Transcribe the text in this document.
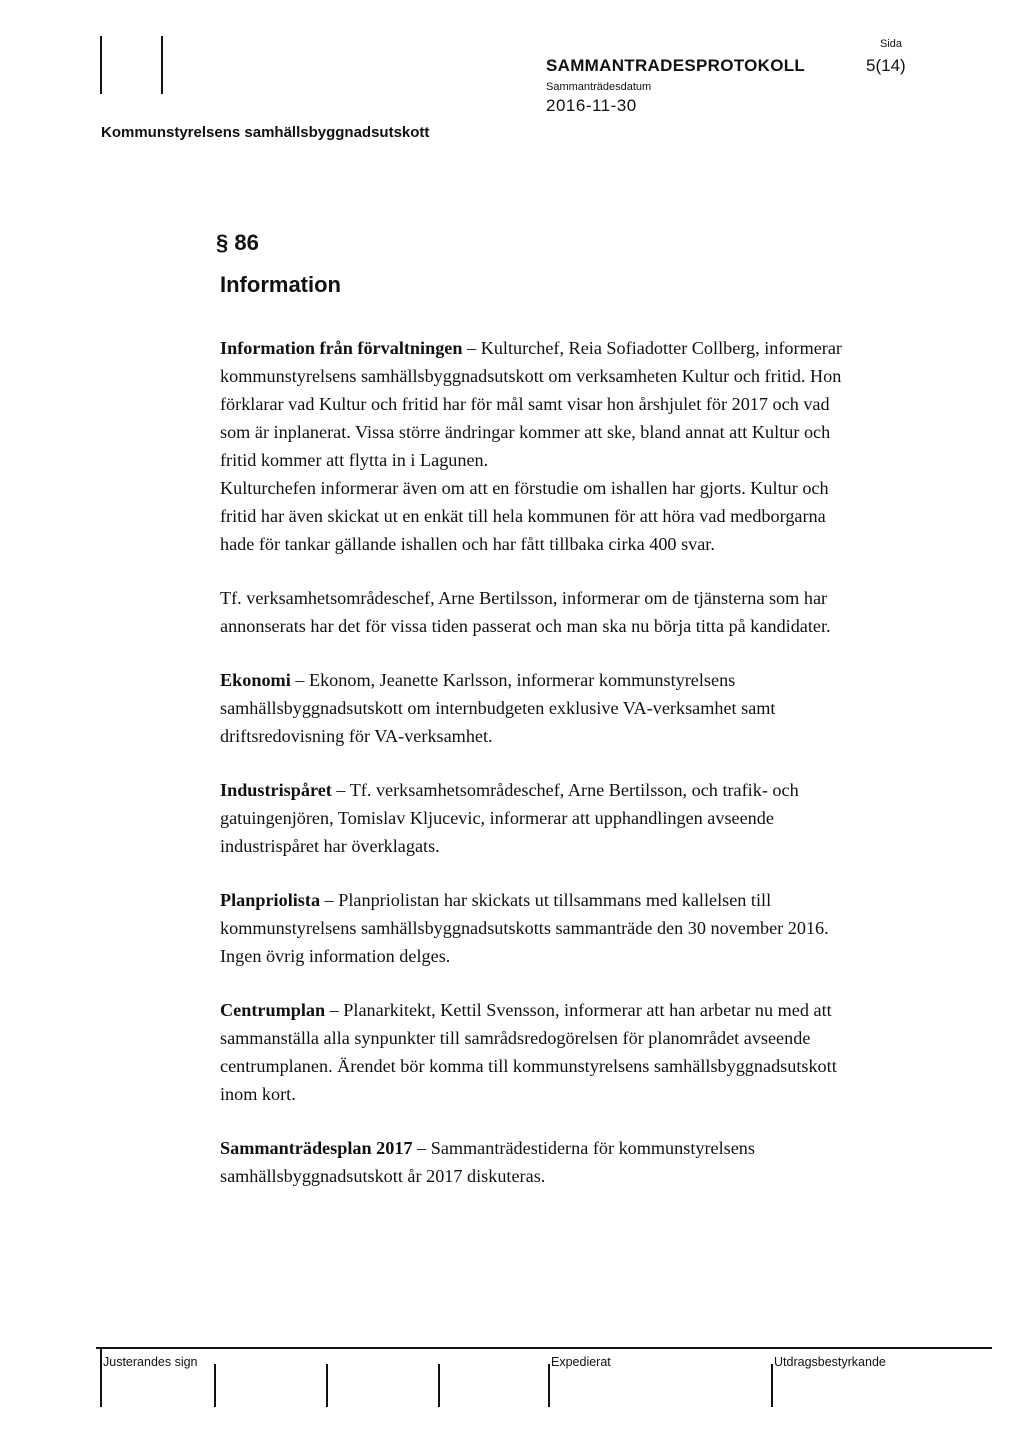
SAMMANTRADESPROTOKOLL
Sida
5(14)
Sammanträdesdatum
2016-11-30
Kommunstyrelsens samhällsbyggnadsutskott
§ 86
Information

Information från förvaltningen – Kulturchef, Reia Sofiadotter Collberg, informerar kommunstyrelsens samhällsbyggnadsutskott om verksamheten Kultur och fritid. Hon förklarar vad Kultur och fritid har för mål samt visar hon årshjulet för 2017 och vad som är inplanerat. Vissa större ändringar kommer att ske, bland annat att Kultur och fritid kommer att flytta in i Lagunen.

Kulturchefen informerar även om att en förstudie om ishallen har gjorts. Kultur och fritid har även skickat ut en enkät till hela kommunen för att höra vad medborgarna hade för tankar gällande ishallen och har fått tillbaka cirka 400 svar.

Tf. verksamhetsområdeschef, Arne Bertilsson, informerar om de tjänsterna som har annonserats har det för vissa tiden passerat och man ska nu börja titta på kandidater.

Ekonomi – Ekonom, Jeanette Karlsson, informerar kommunstyrelsens samhällsbyggnadsutskott om internbudgeten exklusive VA-verksamhet samt driftsredovisning för VA-verksamhet.

Industrispåret – Tf. verksamhetsområdeschef, Arne Bertilsson, och trafik- och gatuingenjören, Tomislav Kljucevic, informerar att upphandlingen avseende industrispåret har överklagats.

Planpriolista – Planpriolistan har skickats ut tillsammans med kallelsen till kommunstyrelsens samhällsbyggnadsutskotts sammanträde den 30 november 2016. Ingen övrig information delges.

Centrumplan – Planarkitekt, Kettil Svensson, informerar att han arbetar nu med att sammanställa alla synpunkter till samrådsredogörelsen för planområdet avseende centrumplanen. Ärendet bör komma till kommunstyrelsens samhällsbyggnadsutskott inom kort.

Sammanträdesplan 2017 – Sammanträdestiderna för kommunstyrelsens samhällsbyggnadsutskott år 2017 diskuteras.

Justerandes sign	Expedierat	Utdragsbestyrkande
